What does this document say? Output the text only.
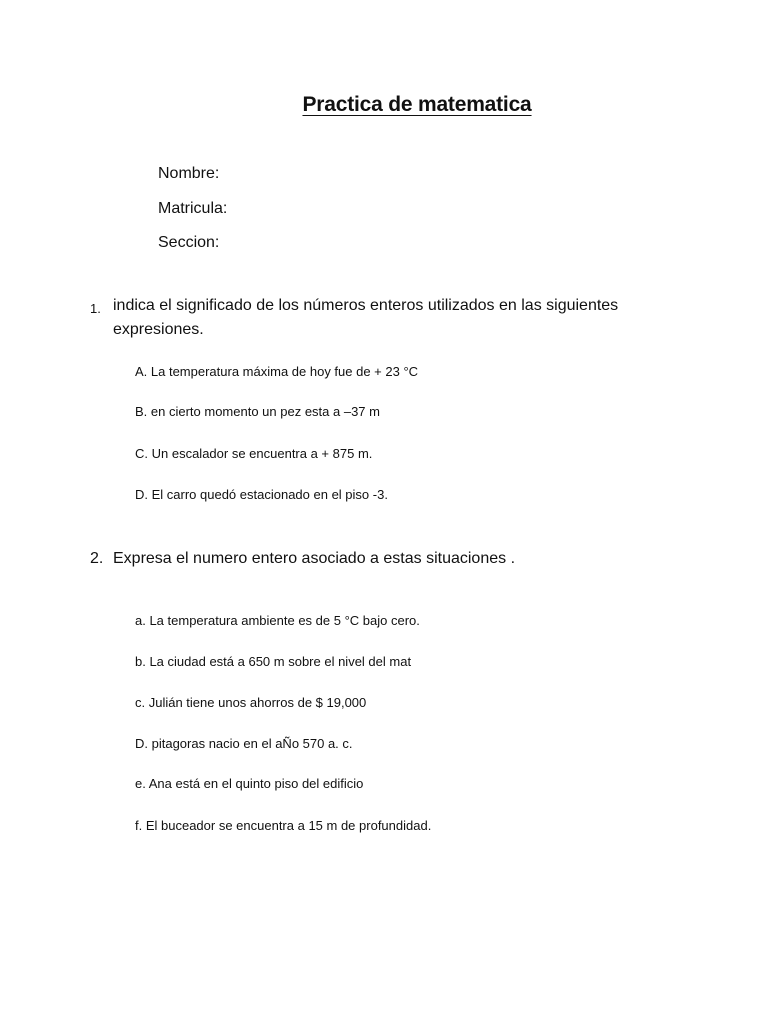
Practica de matematica
Nombre:
Matricula:
Seccion:
1. indica el significado de los números enteros utilizados en las siguientes expresiones.
A. La temperatura máxima de hoy fue de + 23 °C
B. en cierto momento un pez esta a –37 m
C. Un escalador se encuentra a + 875 m.
D. El carro quedó estacionado en el piso -3.
2. Expresa el numero entero asociado a estas situaciones .
a. La temperatura ambiente es de 5 °C bajo cero.
b. La ciudad está a 650 m sobre el nivel del mat
c. Julián tiene unos ahorros de $ 19,000
D. pitagoras nacio en el aÑo 570 a. c.
e. Ana está en el quinto piso del edificio
f. El buceador se encuentra a 15 m de profundidad.
